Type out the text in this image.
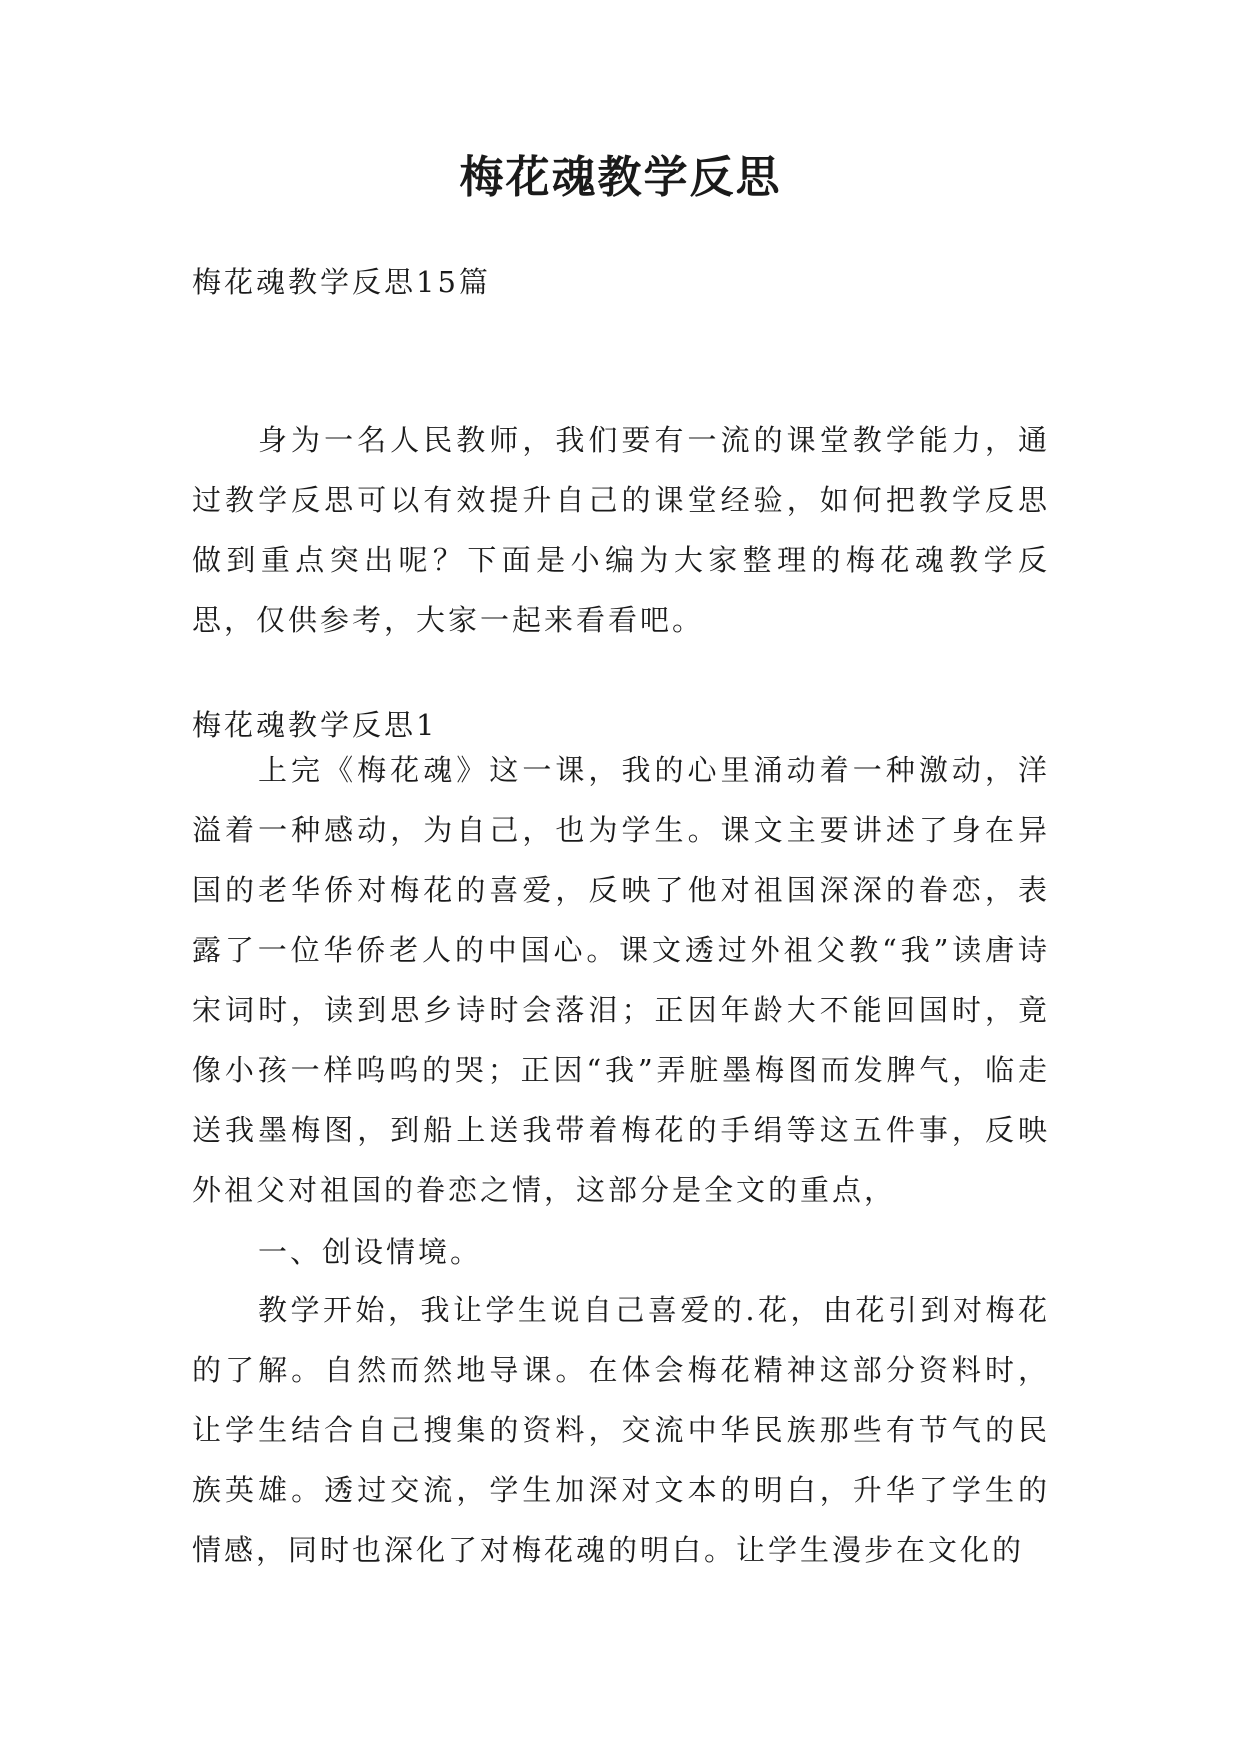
梅花魂教学反思

梅花魂教学反思15篇

身为一名人民教师，我们要有一流的课堂教学能力，通过教学反思可以有效提升自己的课堂经验，如何把教学反思做到重点突出呢？下面是小编为大家整理的梅花魂教学反思，仅供参考，大家一起来看看吧。

梅花魂教学反思1

上完《梅花魂》这一课，我的心里涌动着一种激动，洋溢着一种感动，为自己，也为学生。课文主要讲述了身在异国的老华侨对梅花的喜爱，反映了他对祖国深深的眷恋，表露了一位华侨老人的中国心。课文透过外祖父教“我”读唐诗宋词时，读到思乡诗时会落泪；正因年龄大不能回国时，竟像小孩一样呜呜的哭；正因“我”弄脏墨梅图而发脾气，临走送我墨梅图，到船上送我带着梅花的手绢等这五件事，反映外祖父对祖国的眷恋之情，这部分是全文的重点，

一、创设情境。

教学开始，我让学生说自己喜爱的.花，由花引到对梅花的了解。自然而然地导课。在体会梅花精神这部分资料时，让学生结合自己搜集的资料，交流中华民族那些有节气的民族英雄。透过交流，学生加深对文本的明白，升华了学生的情感，同时也深化了对梅花魂的明白。让学生漫步在文化的
